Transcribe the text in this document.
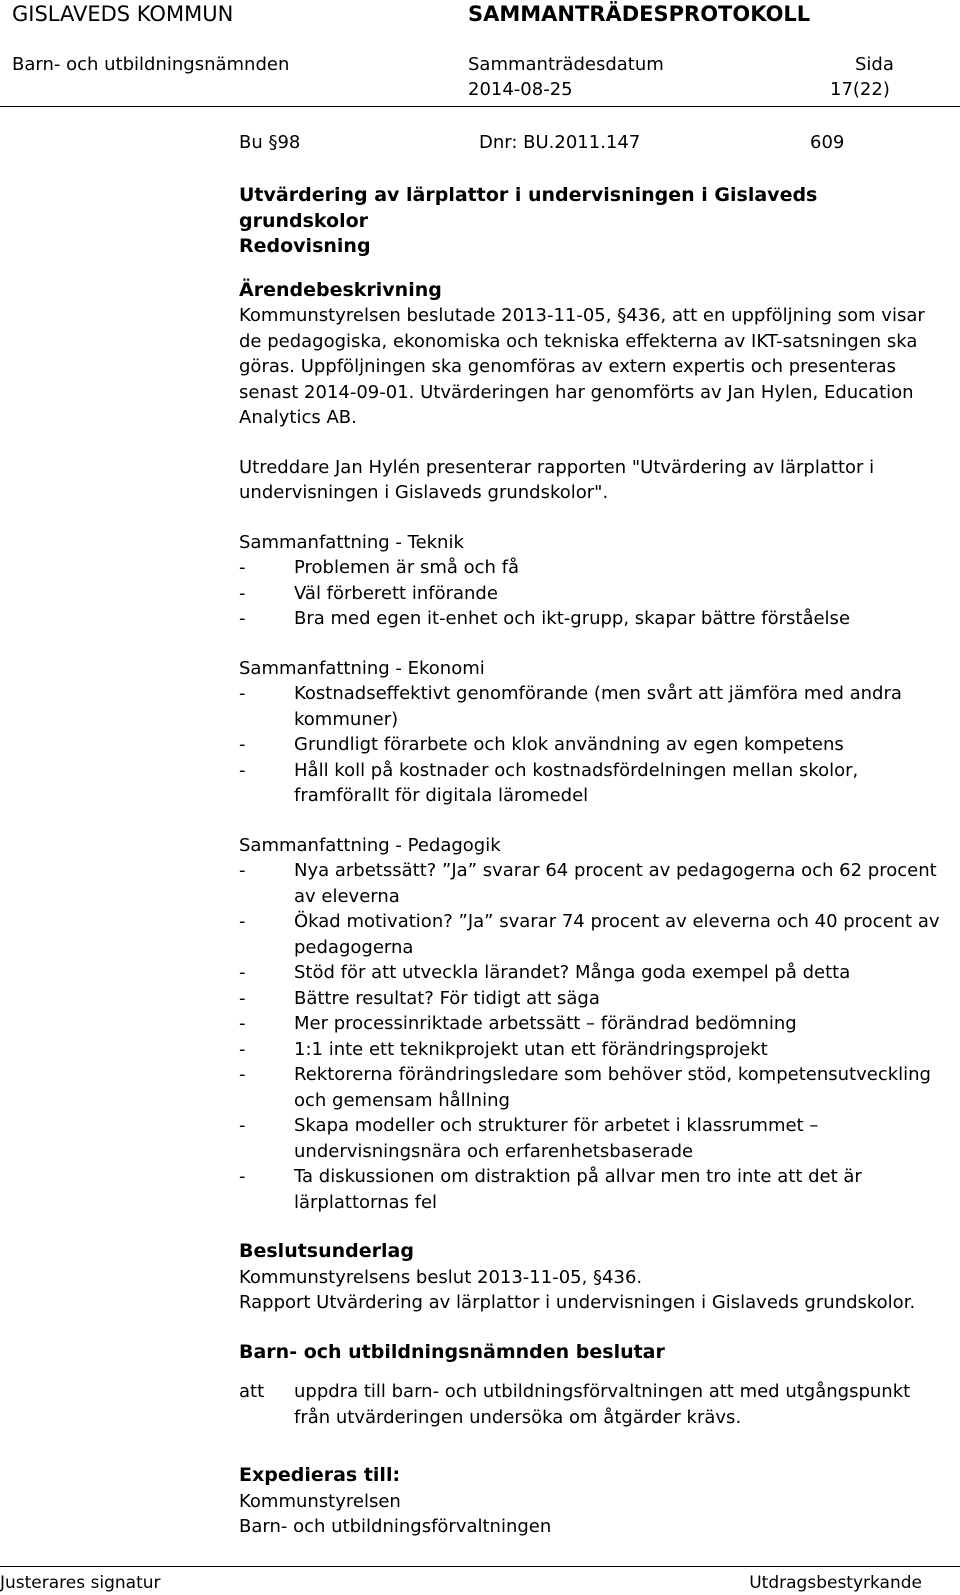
GISLAVEDS KOMMUN	SAMMANTRÄDESPROTOKOLL
Barn- och utbildningsnämnden	Sammanträdesdatum
2014-08-25
Sida
17(22)
Bu §98	Dnr: BU.2011.147	609
Utvärdering av lärplattor i undervisningen i Gislaveds grundskolor
Redovisning
Ärendebeskrivning

Kommunstyrelsen beslutade 2013-11-05, §436, att en uppföljning som visar de pedagogiska, ekonomiska och tekniska effekterna av IKT-satsningen ska göras. Uppföljningen ska genomföras av extern expertis och presenteras senast 2014-09-01. Utvärderingen har genomförts av Jan Hylen, Education Analytics AB.

Utreddare Jan Hylén presenterar rapporten "Utvärdering av lärplattor i undervisningen i Gislaveds grundskolor".

Sammanfattning - Teknik
- Problemen är små och få
- Väl förberett införande
- Bra med egen it-enhet och ikt-grupp, skapar bättre förståelse
Sammanfattning - Ekonomi
- Kostnadseffektivt genomförande (men svårt att jämföra med andra kommuner)
- Grundligt förarbete och klok användning av egen kompetens
- Håll koll på kostnader och kostnadsfördelningen mellan skolor, framförallt för digitala läromedel
Sammanfattning - Pedagogik
- Nya arbetssätt? ”Ja” svarar 64 procent av pedagogerna och 62 procent av eleverna
- Ökad motivation? ”Ja” svarar 74 procent av eleverna och 40 procent av pedagogerna
- Stöd för att utveckla lärandet? Många goda exempel på detta
- Bättre resultat? För tidigt att säga
- Mer processinriktade arbetssätt – förändrad bedömning
- 1:1 inte ett teknikprojekt utan ett förändringsprojekt
- Rektorerna förändringsledare som behöver stöd, kompetensutveckling och gemensam hållning
- Skapa modeller och strukturer för arbetet i klassrummet – undervisningsnära och erfarenhetsbaserade
- Ta diskussionen om distraktion på allvar men tro inte att det är lärplattornas fel
Beslutsunderlag

Kommunstyrelsens beslut 2013-11-05, §436.

Rapport Utvärdering av lärplattor i undervisningen i Gislaveds grundskolor.

Barn- och utbildningsnämnden beslutar
att	uppdra till barn- och utbildningsförvaltningen att med utgångspunkt från utvärderingen undersöka om åtgärder krävs.
Expedieras till:

Kommunstyrelsen

Barn- och utbildningsförvaltningen

Justerares signatur	Utdragsbestyrkande
